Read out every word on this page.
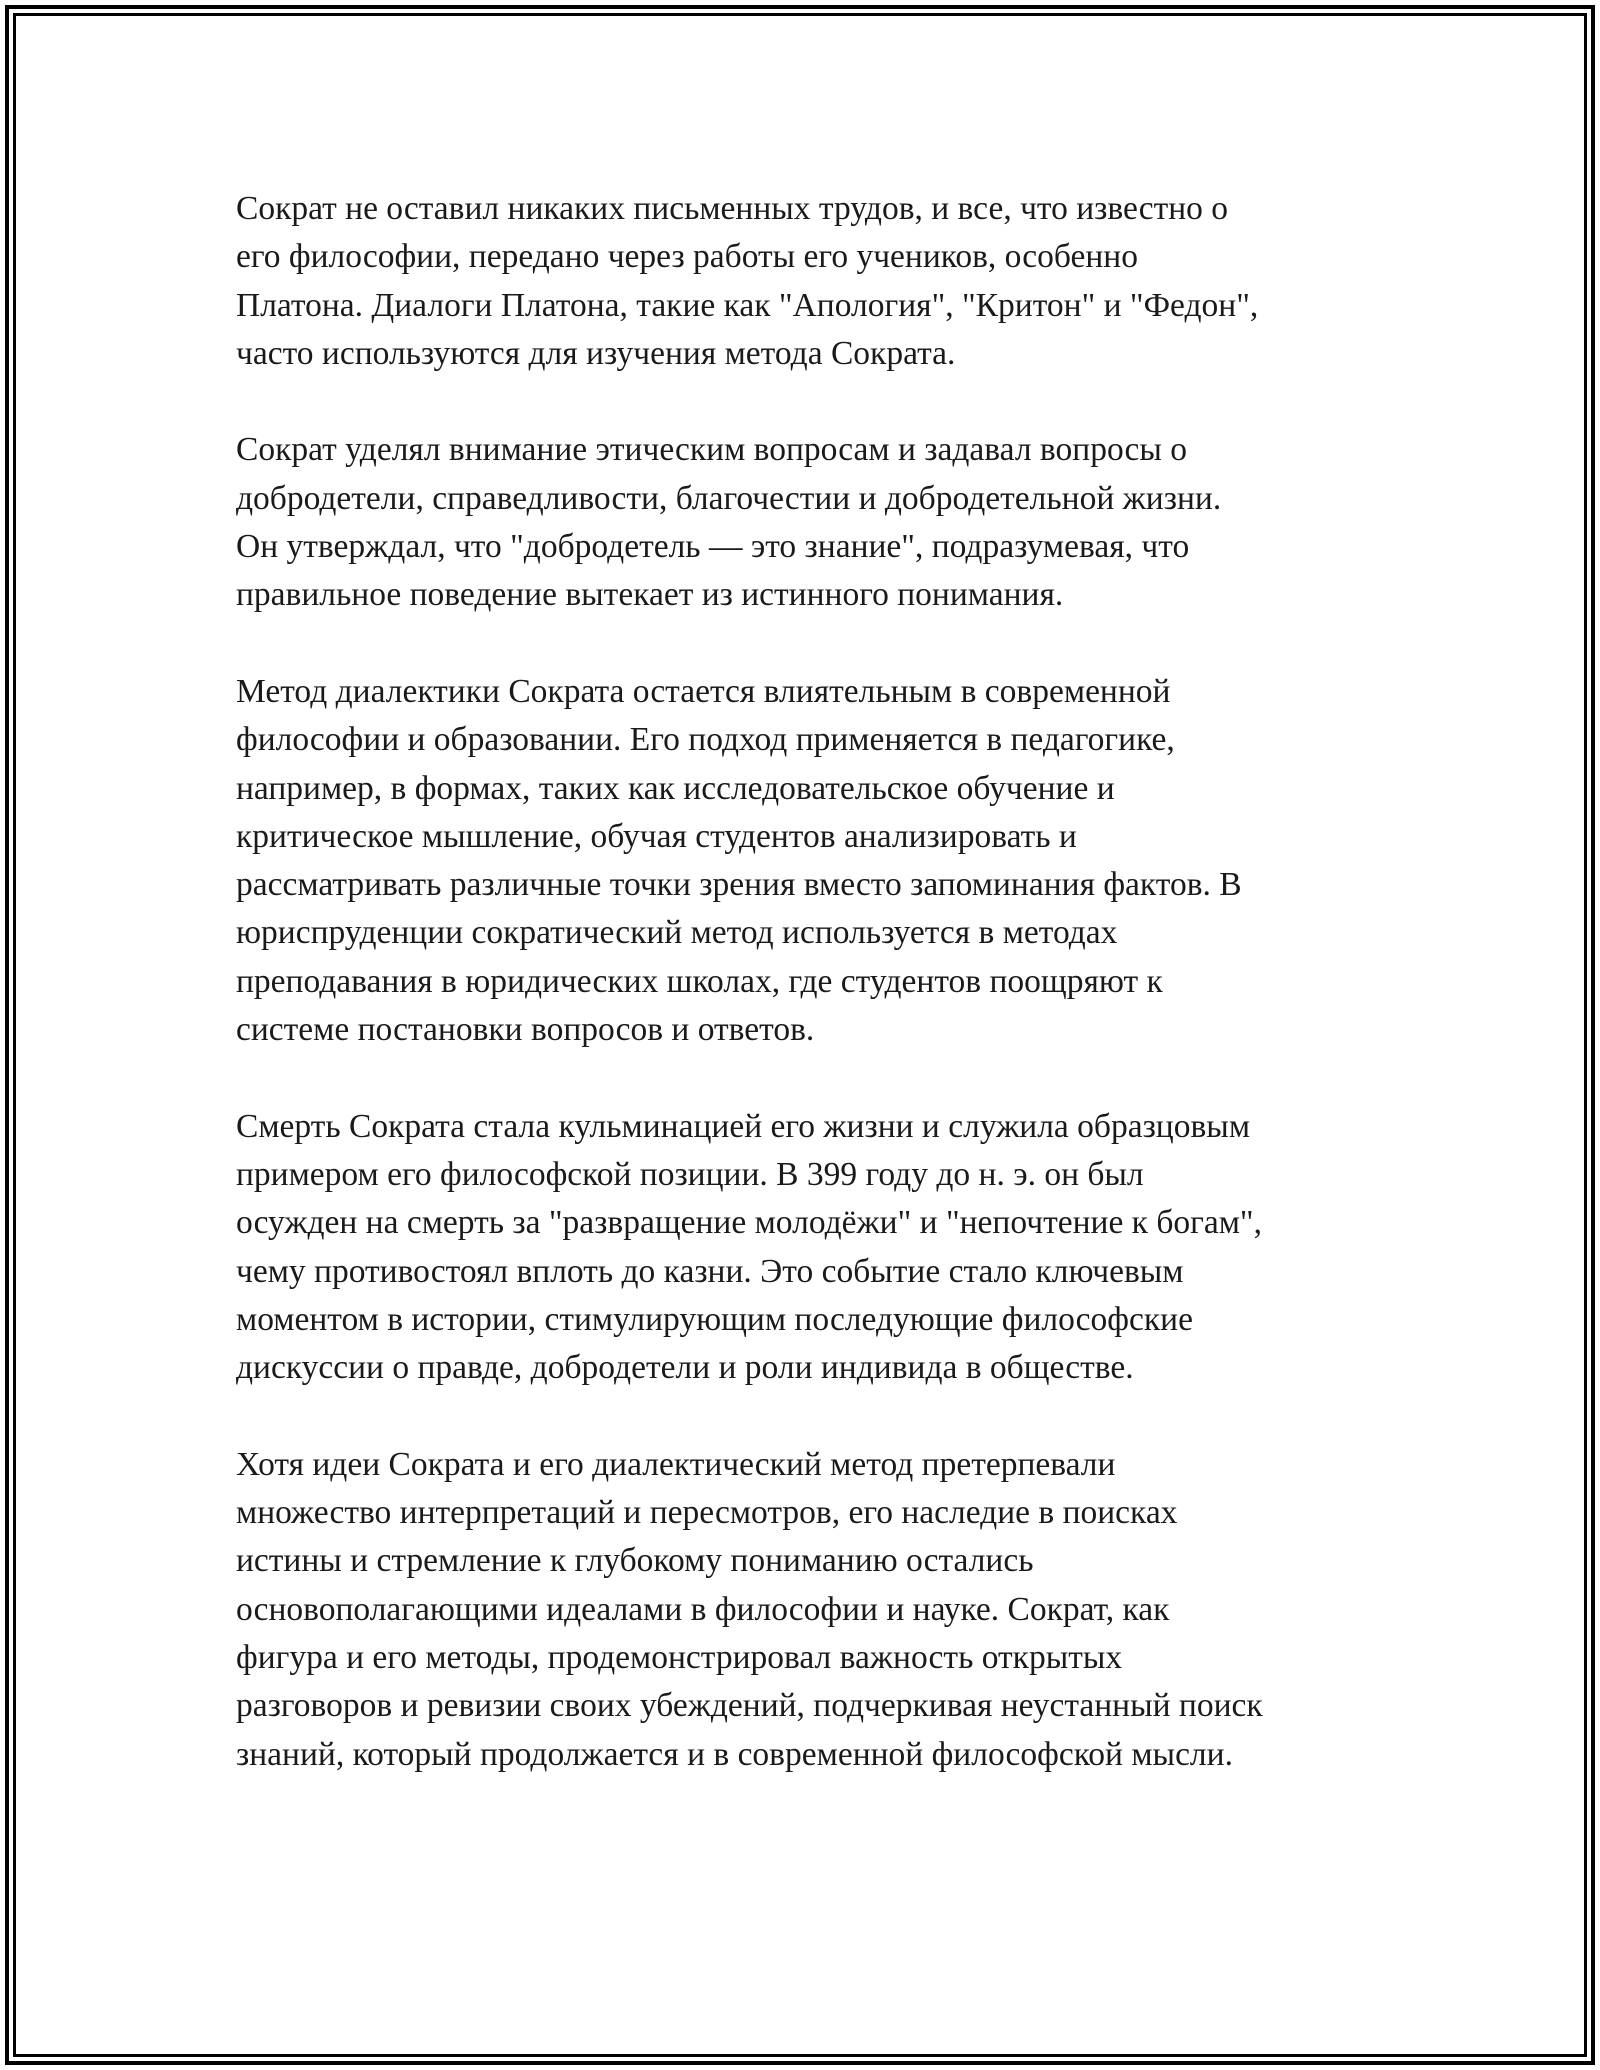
Сократ не оставил никаких письменных трудов, и все, что известно о
его философии, передано через работы его учеников, особенно
Платона. Диалоги Платона, такие как "Апология", "Критон" и "Федон",
часто используются для изучения метода Сократа.

Сократ уделял внимание этическим вопросам и задавал вопросы о
добродетели, справедливости, благочестии и добродетельной жизни.
Он утверждал, что "добродетель — это знание", подразумевая, что
правильное поведение вытекает из истинного понимания.

Метод диалектики Сократа остается влиятельным в современной
философии и образовании. Его подход применяется в педагогике,
например, в формах, таких как исследовательское обучение и
критическое мышление, обучая студентов анализировать и
рассматривать различные точки зрения вместо запоминания фактов. В
юриспруденции сократический метод используется в методах
преподавания в юридических школах, где студентов поощряют к
системе постановки вопросов и ответов.

Смерть Сократа стала кульминацией его жизни и служила образцовым
примером его философской позиции. В 399 году до н. э. он был
осужден на смерть за "развращение молодёжи" и "непочтение к богам",
чему противостоял вплоть до казни. Это событие стало ключевым
моментом в истории, стимулирующим последующие философские
дискуссии о правде, добродетели и роли индивида в обществе.

Хотя идеи Сократа и его диалектический метод претерпевали
множество интерпретаций и пересмотров, его наследие в поисках
истины и стремление к глубокому пониманию остались
основополагающими идеалами в философии и науке. Сократ, как
фигура и его методы, продемонстрировал важность открытых
разговоров и ревизии своих убеждений, подчеркивая неустанный поиск
знаний, который продолжается и в современной философской мысли.
